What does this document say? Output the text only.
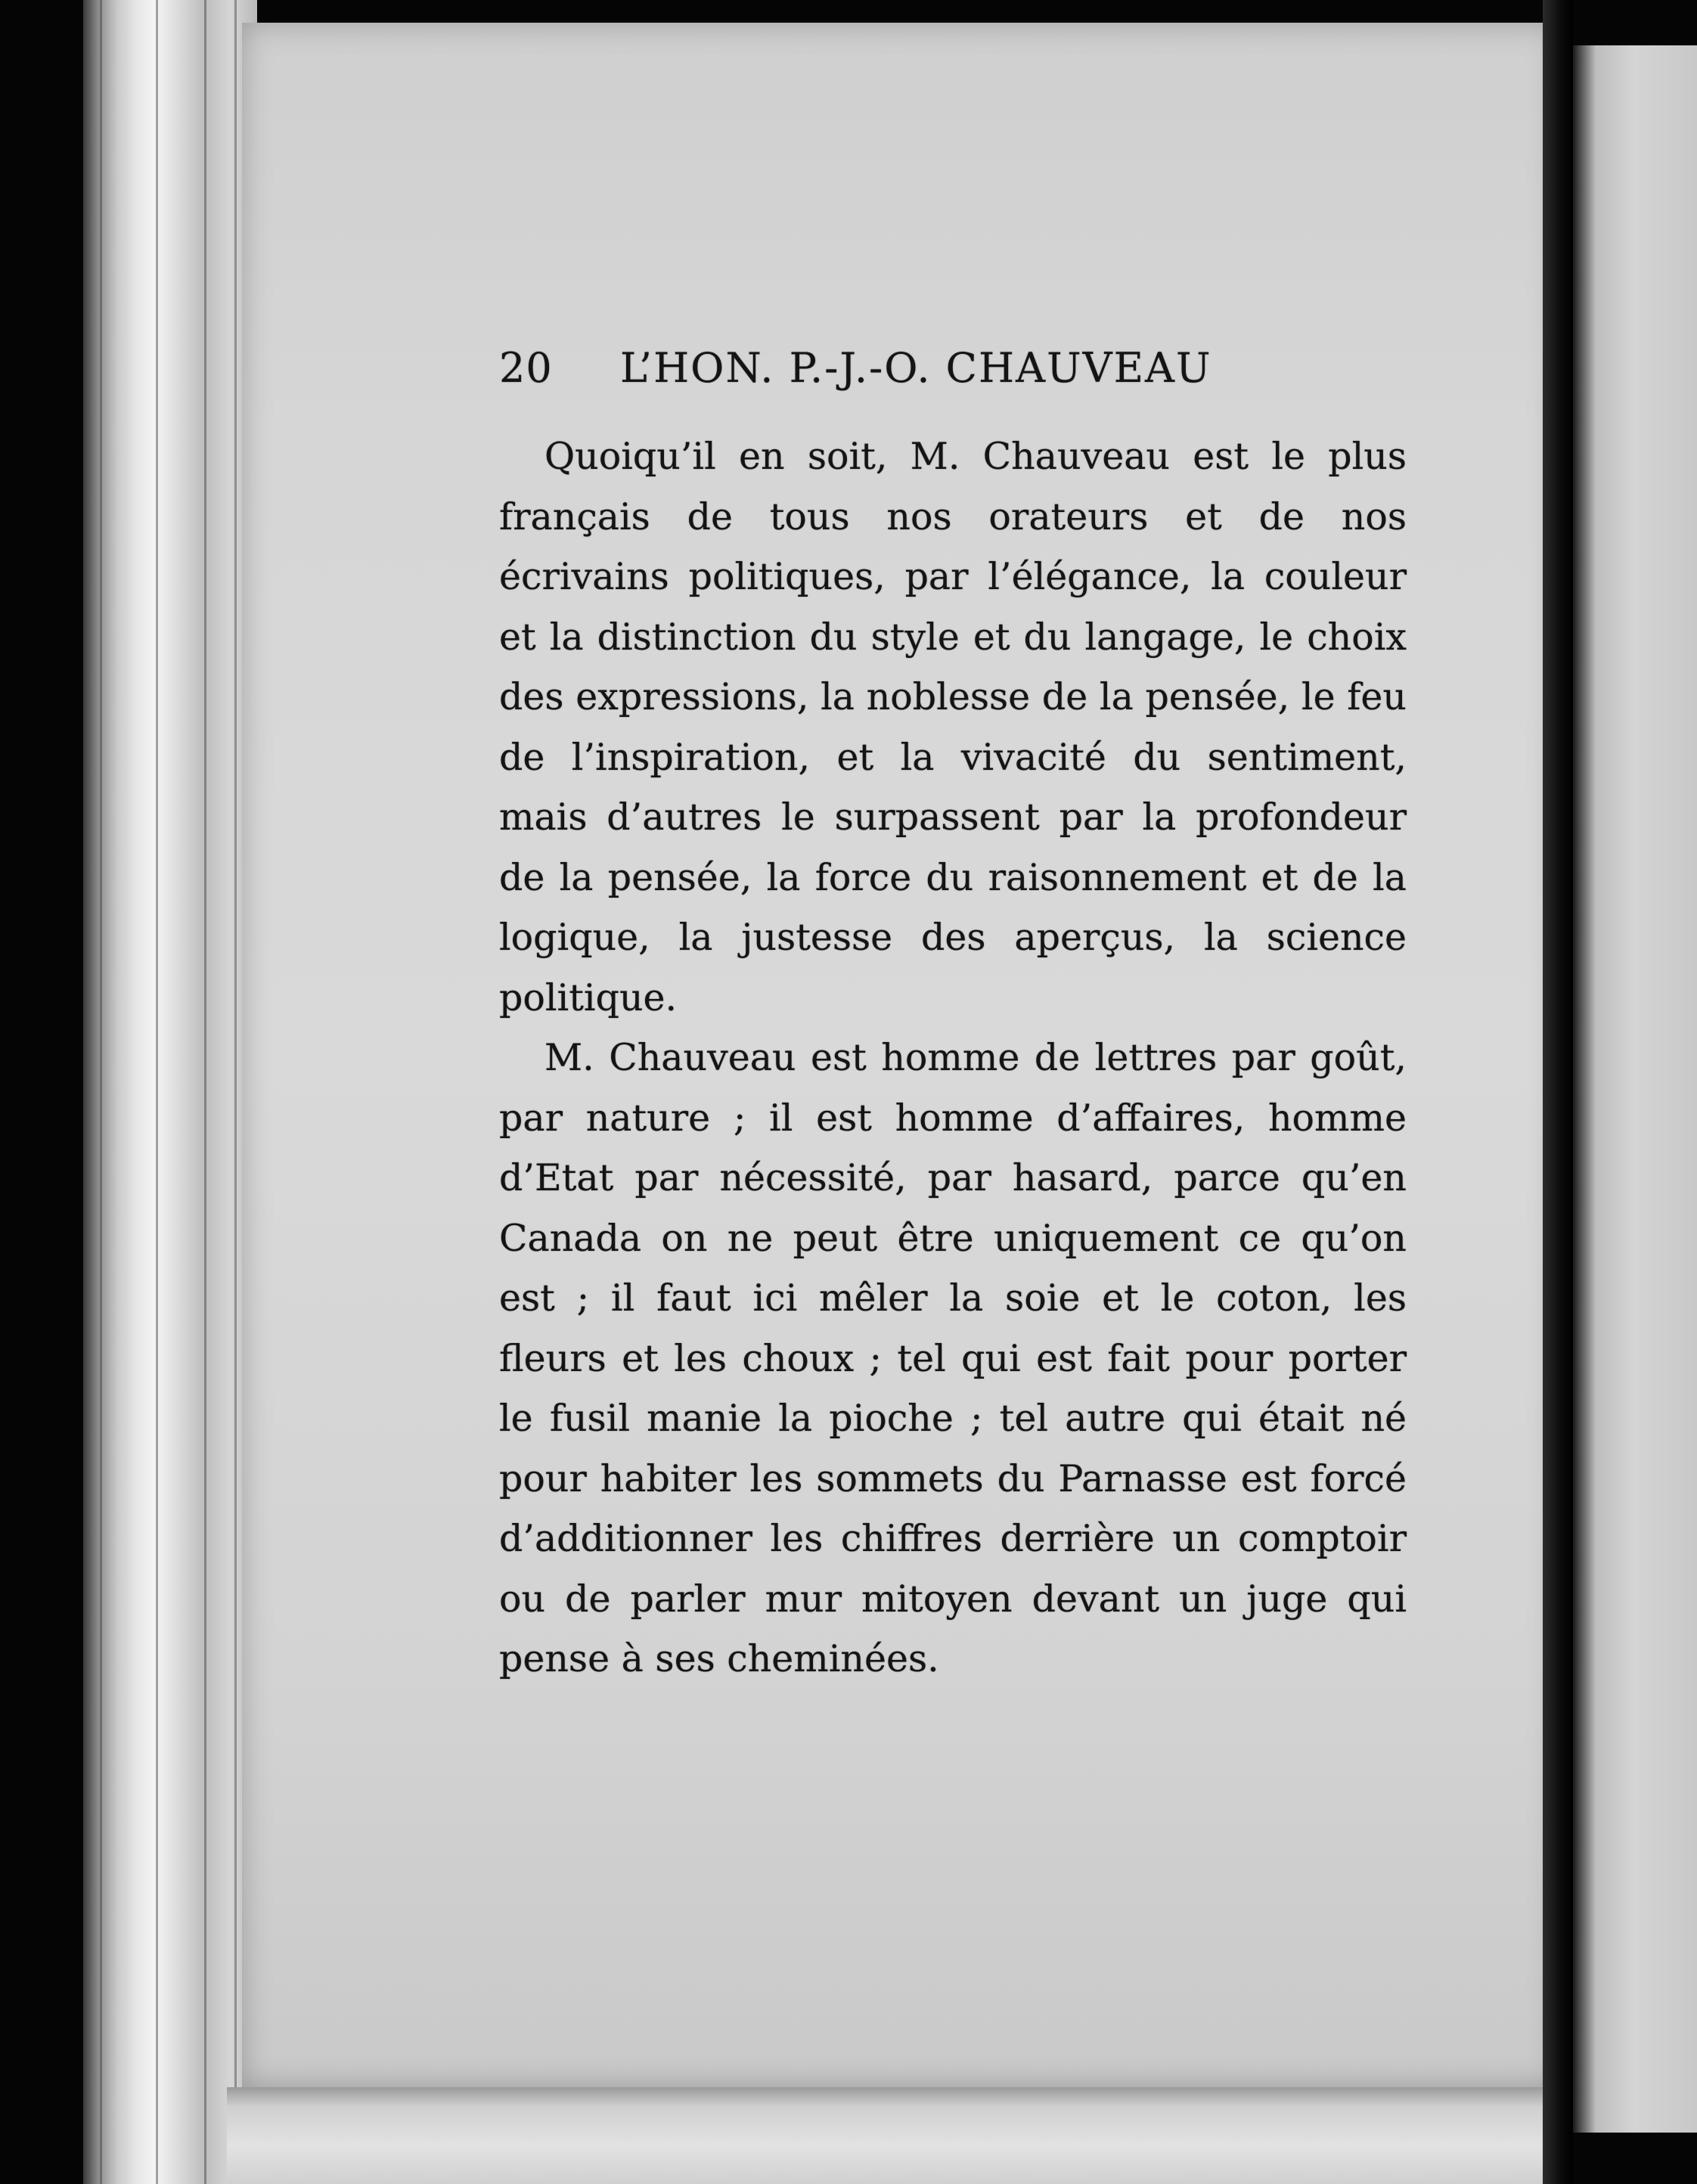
20	L’HON. P.-J.-O. CHAUVEAU

Quoiqu’il en soit, M. Chauveau est le plus français de tous nos orateurs et de nos écrivains politiques, par l’élégance, la couleur et la distinction du style et du langage, le choix des expressions, la noblesse de la pensée, le feu de l’inspiration, et la vivacité du sentiment, mais d’autres le surpassent par la profondeur de la pensée, la force du raisonnement et de la logique, la justesse des aperçus, la science politique.

M. Chauveau est homme de lettres par goût, par nature ; il est homme d’affaires, homme d’Etat par nécessité, par hasard, parce qu’en Canada on ne peut être uniquement ce qu’on est ; il faut ici mêler la soie et le coton, les fleurs et les choux ; tel qui est fait pour porter le fusil manie la pioche ; tel autre qui était né pour habiter les sommets du Parnasse est forcé d’additionner les chiffres derrière un comptoir ou de parler mur mitoyen devant un juge qui pense à ses cheminées.
